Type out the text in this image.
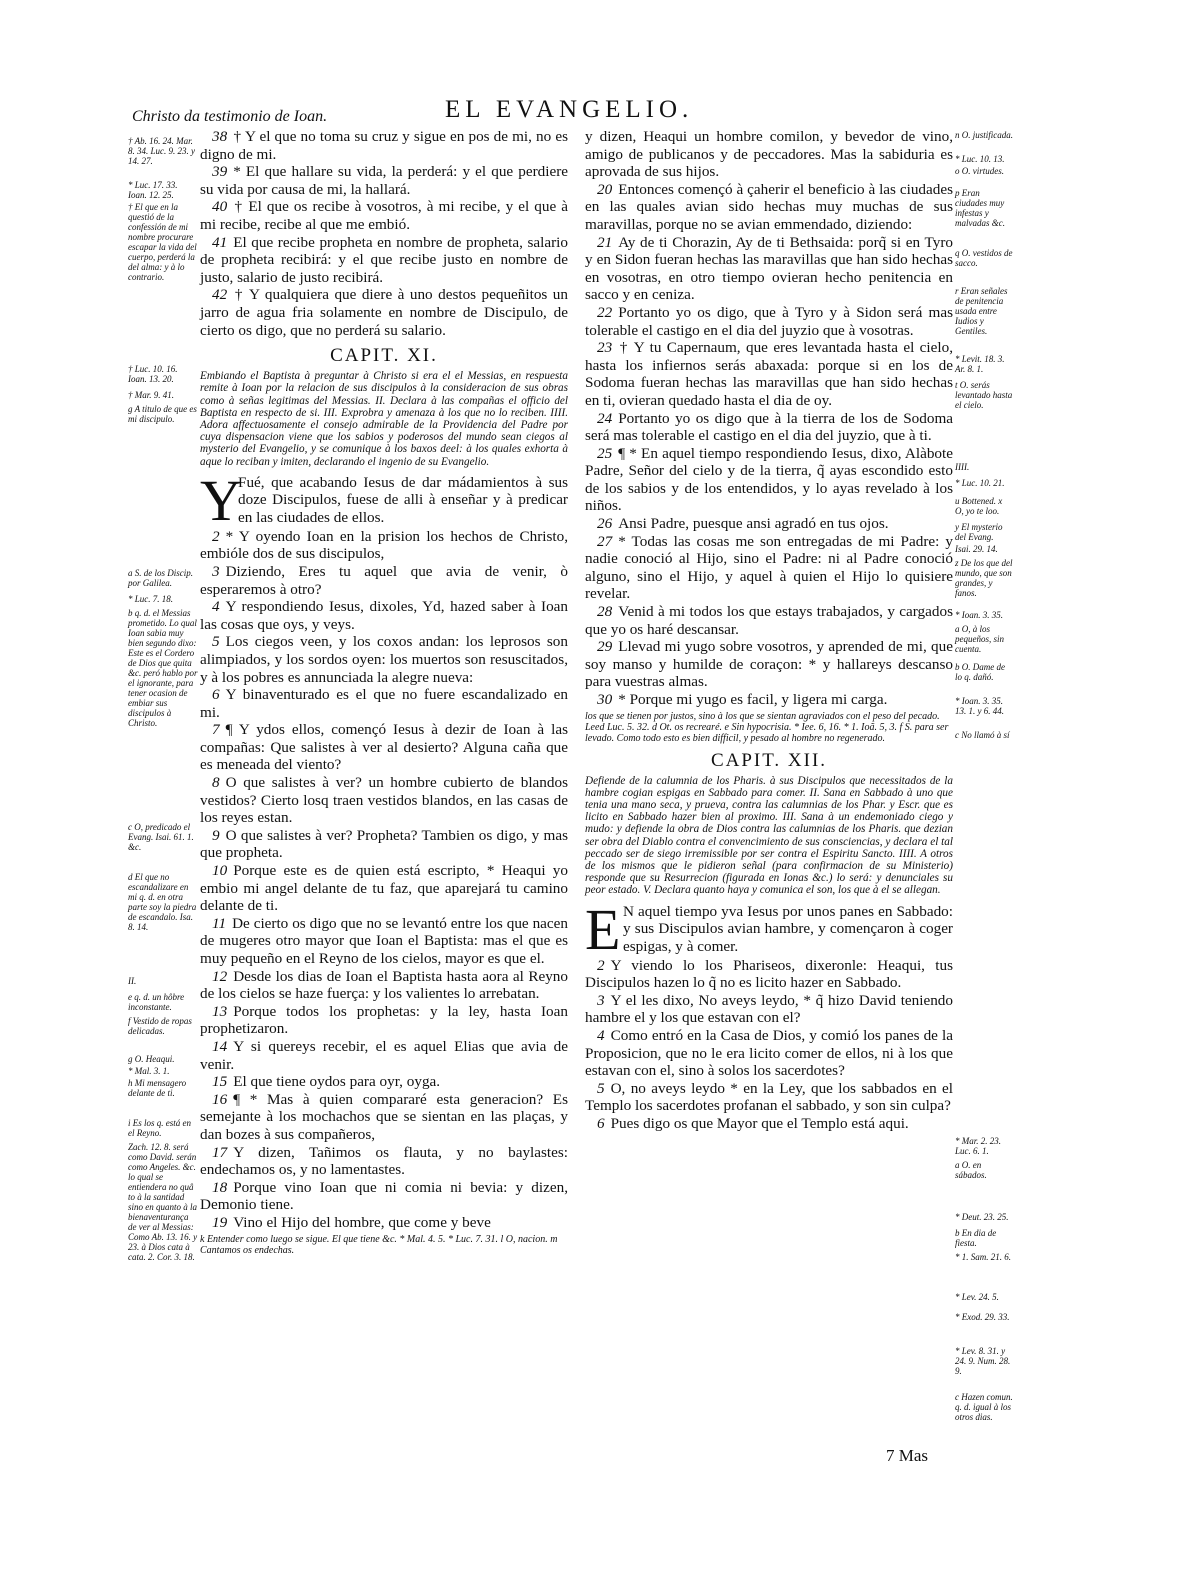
Christo da testimonio de Ioan.	EL EVANGELIO.
† Ab. 16. 24. Mar. 8. 34. Luc. 9. 23. y 14. 27.
* Luc. 17. 33. Ioan. 12. 25.
† El que en la questió de la confessión de mi nombre procurare escapar la vida del cuerpo, perderá la del alma: y à lo contrario.
† Luc. 10. 16. Ioan. 13. 20.
† Mar. 9. 41.
g A titulo de que es mi discipulo.
a S. de los Discip. por Galilea.
* Luc. 7. 18.
b q. d. el Messias prometido. Lo qual Ioan sabia muy bien segundo dixo: Este es el Cordero de Dios que quita &c. peró hablo por el ignorante, para tener ocasion de embiar sus discipulos à Christo.
c O, predicado el Evang. Isai. 61. 1. &c.
d El que no escandalizare en mi q. d. en otra parte soy la piedra de escandalo. Isa. 8. 14.
II.
e q. d. un hôbre inconstante.
f Vestido de ropas delicadas.
g O. Heaqui.
* Mal. 3. 1.
h Mi mensagero delante de ti.
i Es los q. está en el Reyno.
Zach. 12. 8. será como David. serán como Angeles. &c. lo qual se entiendera no quâ to à la santidad sino en quanto à la bienaventurança de ver al Messias: Como Ab. 13. 16. y 23. à Dios cata à cata. 2. Cor. 3. 18.

38 † Y el que no toma su cruz y sigue en pos de mi, no es digno de mi.

39 * El que hallare su vida, la perderá: y el que perdiere su vida por causa de mi, la hallará.

40 † El que os recibe à vosotros, à mi recibe, y el que à mi recibe, recibe al que me embió.

41 El que recibe propheta en nombre de propheta, salario de propheta recibirá: y el que recibe justo en nombre de justo, salario de justo recibirá.

42 † Y qualquiera que diere à uno destos pequeñitos un jarro de agua fria solamente en nombre de Discipulo, de cierto os digo, que no perderá su salario.

CAPIT. XI.

Embiando el Baptista à preguntar à Christo si era el el Messias, en respuesta remite à Ioan por la relacion de sus discipulos à la consideracion de sus obras como à señas legitimas del Messias. II. Declara à las compañas el officio del Baptista en respecto de si. III. Exprobra y amenaza à los que no lo reciben. IIII. Adora affectuosamente el consejo admirable de la Providencia del Padre por cuya dispensacion viene que los sabios y poderosos del mundo sean ciegos al mysterio del Evangelio, y se comunique à los baxos deel: à los quales exhorta à aque lo reciban y imiten, declarando el ingenio de su Evangelio.

Y
Fué, que acabando Iesus de dar mádamientos à sus doze Discipulos, fuese de alli à enseñar y à predicar en las ciudades de ellos.

2 * Y oyendo Ioan en la prision los hechos de Christo, embióle dos de sus discipulos,

3 Diziendo, Eres tu aquel que avia de venir, ò esperaremos à otro?

4 Y respondiendo Iesus, dixoles, Yd, hazed saber à Ioan las cosas que oys, y veys.

5 Los ciegos veen, y los coxos andan: los leprosos son alimpiados, y los sordos oyen: los muertos son resuscitados, y à los pobres es annunciada la alegre nueva:

6 Y binaventurado es el que no fuere escandalizado en mi.

7 ¶ Y ydos ellos, començó Iesus à dezir de Ioan à las compañas: Que salistes à ver al desierto? Alguna caña que es meneada del viento?

8 O que salistes à ver? un hombre cubierto de blandos vestidos? Cierto losq traen vestidos blandos, en las casas de los reyes estan.

9 O que salistes à ver? Propheta? Tambien os digo, y mas que propheta.

10 Porque este es de quien está escripto, * Heaqui yo embio mi angel delante de tu faz, que aparejará tu camino delante de ti.

11 De cierto os digo que no se levantó entre los que nacen de mugeres otro mayor que Ioan el Baptista: mas el que es muy pequeño en el Reyno de los cielos, mayor es que el.

12 Desde los dias de Ioan el Baptista hasta aora al Reyno de los cielos se haze fuerça: y los valientes lo arrebatan.

13 Porque todos los prophetas: y la ley, hasta Ioan prophetizaron.

14 Y si quereys recebir, el es aquel Elias que avia de venir.

15 El que tiene oydos para oyr, oyga.

16 ¶ * Mas à quien compararé esta generacion? Es semejante à los mochachos que se sientan en las plaças, y dan bozes à sus compañeros,

17 Y dizen, Tañimos os flauta, y no baylastes: endechamos os, y no lamentastes.

18 Porque vino Ioan que ni comia ni bevia: y dizen, Demonio tiene.

19 Vino el Hijo del hombre, que come y beve

k Entender como luego se sigue. El que tiene &c. * Mal. 4. 5. * Luc. 7. 31. l O, nacion. m Cantamos os endechas.

y dizen, Heaqui un hombre comilon, y bevedor de vino, amigo de publicanos y de peccadores. Mas la sabiduria es aprovada de sus hijos.

20 Entonces començó à çaherir el beneficio à las ciudades en las quales avian sido hechas muy muchas de sus maravillas, porque no se avian emmendado, diziendo:

21 Ay de ti Chorazin, Ay de ti Bethsaida: porq̃ si en Tyro y en Sidon fueran hechas las maravillas que han sido hechas en vosotras, en otro tiempo ovieran hecho penitencia en sacco y en ceniza.

22 Portanto yo os digo, que à Tyro y à Sidon será mas tolerable el castigo en el dia del juyzio que à vosotras.

23 † Y tu Capernaum, que eres levantada hasta el cielo, hasta los infiernos serás abaxada: porque si en los de Sodoma fueran hechas las maravillas que han sido hechas en ti, ovieran quedado hasta el dia de oy.

24 Portanto yo os digo que à la tierra de los de Sodoma será mas tolerable el castigo en el dia del juyzio, que à ti.

25 ¶ * En aquel tiempo respondiendo Iesus, dixo, Alàbote Padre, Señor del cielo y de la tierra, q̃ ayas escondido esto de los sabios y de los entendidos, y lo ayas revelado à los niños.

26 Ansi Padre, puesque ansi agradó en tus ojos.

27 * Todas las cosas me son entregadas de mi Padre: y nadie conoció al Hijo, sino el Padre: ni al Padre conoció alguno, sino el Hijo, y aquel à quien el Hijo lo quisiere revelar.

28 Venid à mi todos los que estays trabajados, y cargados que yo os haré descansar.

29 Llevad mi yugo sobre vosotros, y aprended de mi, que soy manso y humilde de coraçon: * y hallareys descanso para vuestras almas.

30 * Porque mi yugo es facil, y ligera mi carga.

los que se tienen por justos, sino à los que se sientan agraviados con el peso del pecado. Leed Luc. 5. 32. d Ot. os recrearé. e Sin hypocrisia. * Iee. 6, 16. * 1. Ioã. 5, 3. f S. para ser levado. Como todo esto es bien difficil, y pesado al hombre no regenerado.
CAPIT. XII.

Defiende de la calumnia de los Pharis. à sus Discipulos que necessitados de la hambre cogian espigas en Sabbado para comer. II. Sana en Sabbado à uno que tenia una mano seca, y prueva, contra las calumnias de los Phar. y Escr. que es licito en Sabbado hazer bien al proximo. III. Sana à un endemoniado ciego y mudo: y defiende la obra de Dios contra las calumnias de los Pharis. que dezian ser obra del Diablo contra el convencimiento de sus consciencias, y declara el tal peccado ser de siego irremissible por ser contra el Espiritu Sancto. IIII. A otros de los mismos que le pidieron señal (para confirmacion de su Ministerio) responde que su Resurrecion (figurada en Ionas &c.) lo será: y denunciales su peor estado. V. Declara quanto haya y comunica el son, los que à el se allegan.

E N aquel tiempo yva Iesus por unos panes en Sabbado: y sus Discipulos avian hambre, y començaron à coger espigas, y à comer.

2 Y viendo lo los Phariseos, dixeronle: Heaqui, tus Discipulos hazen lo q̃ no es licito hazer en Sabbado.

3 Y el les dixo, No aveys leydo, * q̃ hizo David teniendo hambre el y los que estavan con el?

4 Como entró en la Casa de Dios, y comió los panes de la Proposicion, que no le era licito comer de ellos, ni à los que estavan con el, sino à solos los sacerdotes?

5 O, no aveys leydo * en la Ley, que los sabbados en el Templo los sacerdotes profanan el sabbado, y son sin culpa?

6 Pues digo os que Mayor que el Templo está aqui.

n O. justificada.
* Luc. 10. 13.
o O. virtudes.
p Eran ciudades muy infestas y malvadas &c.
q O. vestidos de sacco.
r Eran señales de penitencia usada entre Iudios y Gentiles.
* Levit. 18. 3. Ar. 8. 1.
t O. serás levantado hasta el cielo.
IIII.
* Luc. 10. 21.
u Bottened. x O, yo te loo.
y El mysterio del Evang.
Isai. 29. 14.
z De los que del mundo, que son grandes, y fanos.
* Ioan. 3. 35.
a O, à los pequeños, sin cuenta.
b O. Dame de lo q. dañó.
* Ioan. 3. 35. 13. 1. y 6. 44.
c No llamó à sí
* Mar. 2. 23. Luc. 6. 1.
a O. en sábados.
* Deut. 23. 25.
b En dia de fiesta.
* 1. Sam. 21. 6.
* Lev. 24. 5.
* Exod. 29. 33.
* Lev. 8. 31. y 24. 9. Num. 28. 9.
c Hazen comun. q. d. igual à los otros dias.
7 Mas
